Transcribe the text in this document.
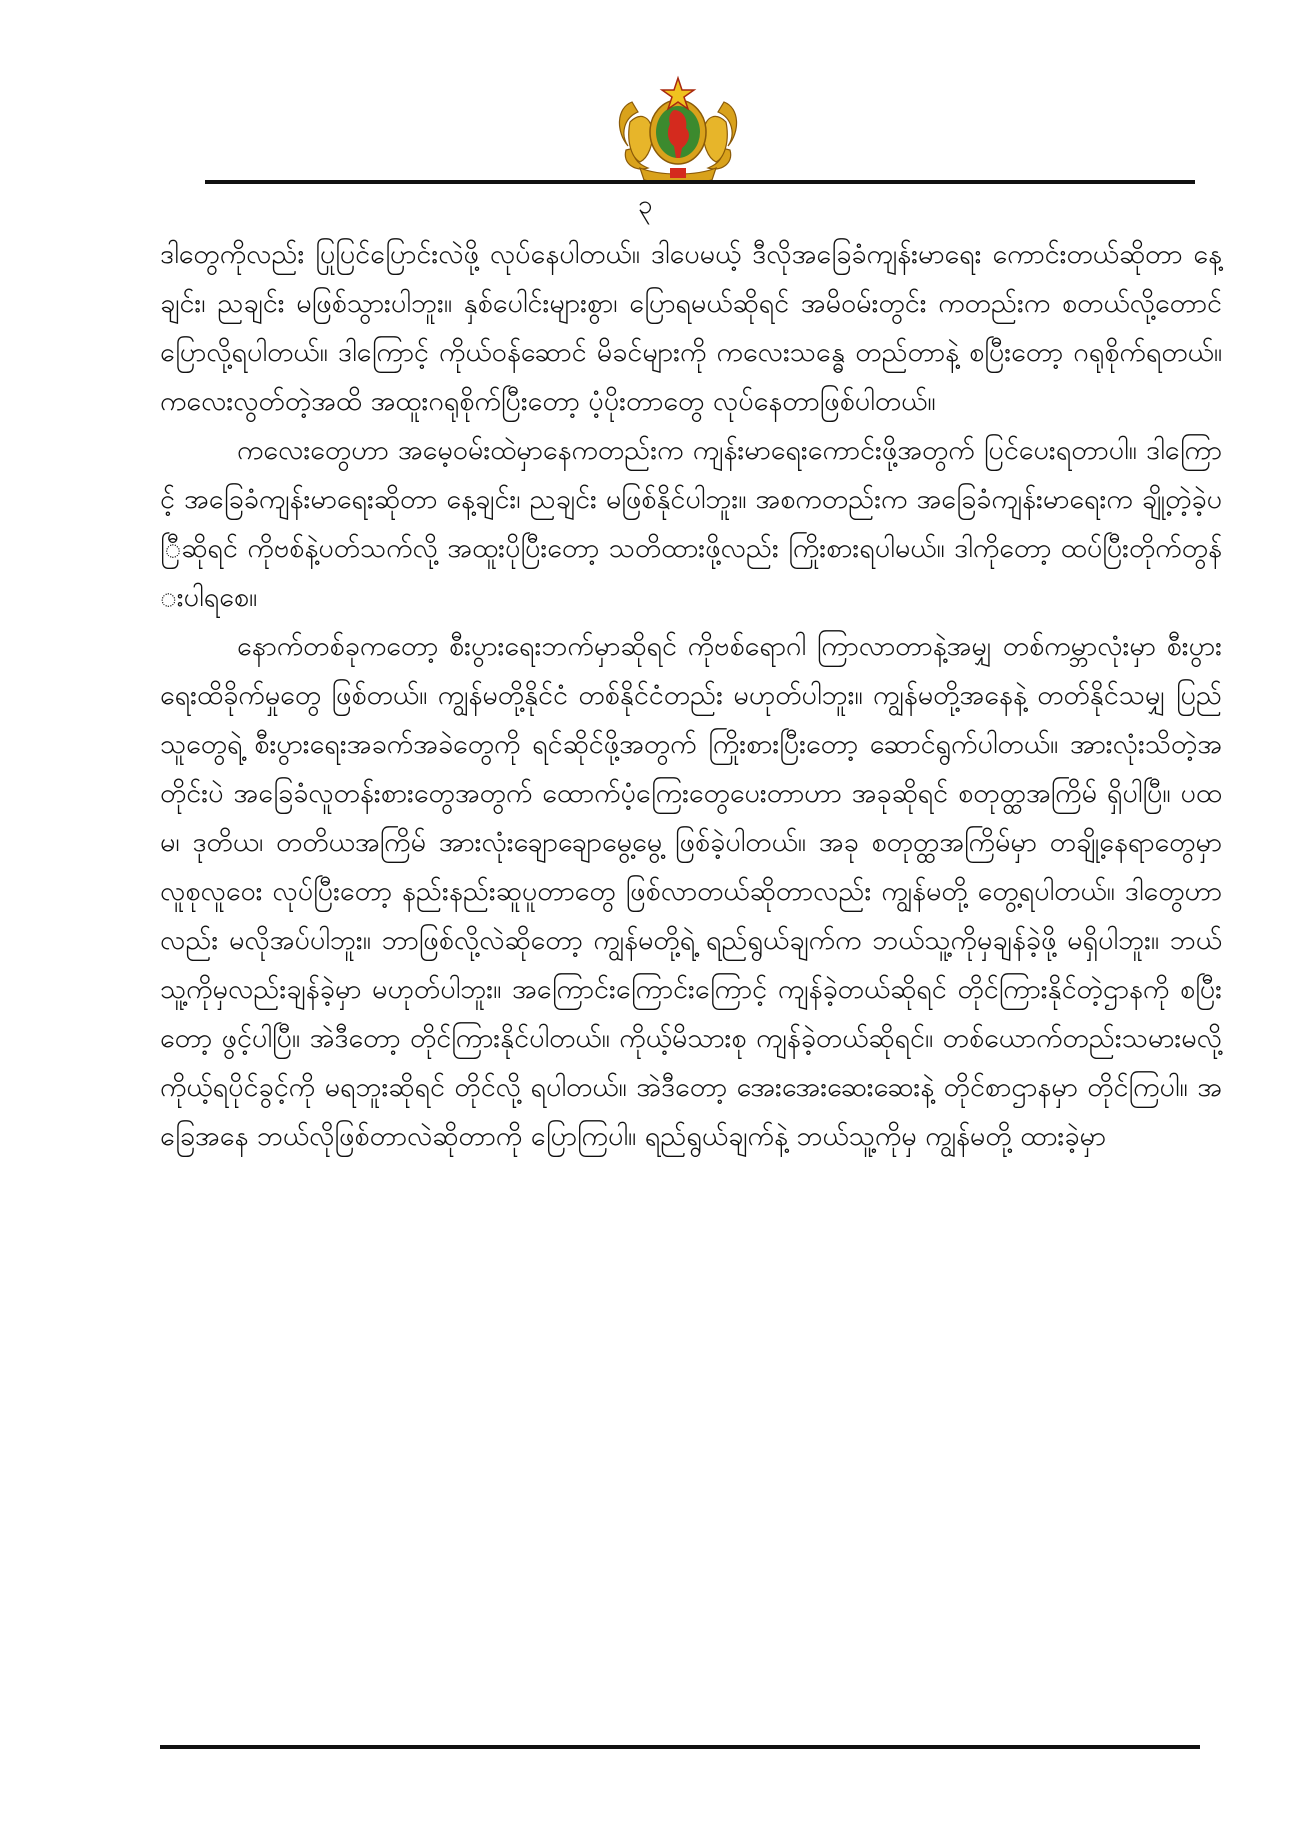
၃

ဒါတွေကိုလည်း ပြုပြင်ပြောင်းလဲဖို့ လုပ်နေပါတယ်။ ဒါပေမယ့် ဒီလိုအခြေခံကျန်းမာရေး ကောင်းတယ်ဆိုတာ နေ့ချင်း၊ ညချင်း မဖြစ်သွားပါဘူး။ နှစ်ပေါင်းများစွာ၊ ပြောရမယ်ဆိုရင် အမိဝမ်းတွင်း ကတည်းက စတယ်လို့တောင် ပြောလို့ရပါတယ်။ ဒါကြောင့် ကိုယ်ဝန်ဆောင် မိခင်များကို ကလေးသန္ဓေ တည်တာနဲ့ စပြီးတော့ ဂရုစိုက်ရတယ်။ ကလေးလွတ်တဲ့အထိ အထူးဂရုစိုက်ပြီးတော့ ပံ့ပိုးတာတွေ လုပ်နေတာဖြစ်ပါတယ်။

ကလေးတွေဟာ အမေ့ဝမ်းထဲမှာနေကတည်းက ကျန်းမာရေးကောင်းဖို့အတွက် ပြင်ပေးရတာပါ။ ဒါကြောင့် အခြေခံကျန်းမာရေးဆိုတာ နေ့ချင်း၊ ညချင်း မဖြစ်နိုင်ပါဘူး။ အစကတည်းက အခြေခံကျန်းမာရေးက ချို့တဲ့ခဲ့ပြီဆိုရင် ကိုဗစ်နဲ့ပတ်သက်လို့ အထူးပိုပြီးတော့ သတိထားဖို့လည်း ကြိုးစားရပါမယ်။ ဒါကိုတော့ ထပ်ပြီးတိုက်တွန်းပါရစေ။

နောက်တစ်ခုကတော့ စီးပွားရေးဘက်မှာဆိုရင် ကိုဗစ်ရောဂါ ကြာလာတာနဲ့အမျှ တစ်ကမ္ဘာလုံးမှာ စီးပွားရေးထိခိုက်မှုတွေ ဖြစ်တယ်။ ကျွန်မတို့နိုင်ငံ တစ်နိုင်ငံတည်း မဟုတ်ပါဘူး။ ကျွန်မတို့အနေနဲ့ တတ်နိုင်သမျှ ပြည်သူတွေရဲ့ စီးပွားရေးအခက်အခဲတွေကို ရင်ဆိုင်ဖို့အတွက် ကြိုးစားပြီးတော့ ဆောင်ရွက်ပါတယ်။ အားလုံးသိတဲ့အတိုင်းပဲ အခြေခံလူတန်းစားတွေအတွက် ထောက်ပံ့ကြေးတွေပေးတာဟာ အခုဆိုရင် စတုတ္ထအကြိမ် ရှိပါပြီ။ ပထမ၊ ဒုတိယ၊ တတိယအကြိမ် အားလုံးချောချောမွေ့မွေ့ ဖြစ်ခဲ့ပါတယ်။ အခု စတုတ္ထအကြိမ်မှာ တချို့နေရာတွေမှာ လူစုလူဝေး လုပ်ပြီးတော့ နည်းနည်းဆူပူတာတွေ ဖြစ်လာတယ်ဆိုတာလည်း ကျွန်မတို့ တွေ့ရပါတယ်။ ဒါတွေဟာလည်း မလိုအပ်ပါဘူး။ ဘာဖြစ်လို့လဲဆိုတော့ ကျွန်မတို့ရဲ့ ရည်ရွယ်ချက်က ဘယ်သူ့ကိုမှချန်ခဲ့ဖို့ မရှိပါဘူး။ ဘယ်သူ့ကိုမှလည်းချန်ခဲ့မှာ မဟုတ်ပါဘူး။ အကြောင်းကြောင်းကြောင့် ကျန်ခဲ့တယ်ဆိုရင် တိုင်ကြားနိုင်တဲ့ဌာနကို စပြီးတော့ ဖွင့်ပါပြီ။ အဲဒီတော့ တိုင်ကြားနိုင်ပါတယ်။ ကိုယ့်မိသားစု ကျန်ခဲ့တယ်ဆိုရင်။ တစ်ယောက်တည်းသမားမလို့ ကိုယ့်ရပိုင်ခွင့်ကို မရဘူးဆိုရင် တိုင်လို့ ရပါတယ်။ အဲဒီတော့ အေးအေးဆေးဆေးနဲ့ တိုင်စာဌာနမှာ တိုင်ကြပါ။ အခြေအနေ ဘယ်လိုဖြစ်တာလဲဆိုတာကို ပြောကြပါ။ ရည်ရွယ်ချက်နဲ့ ဘယ်သူ့ကိုမှ ကျွန်မတို့ ထားခဲ့မှာ
